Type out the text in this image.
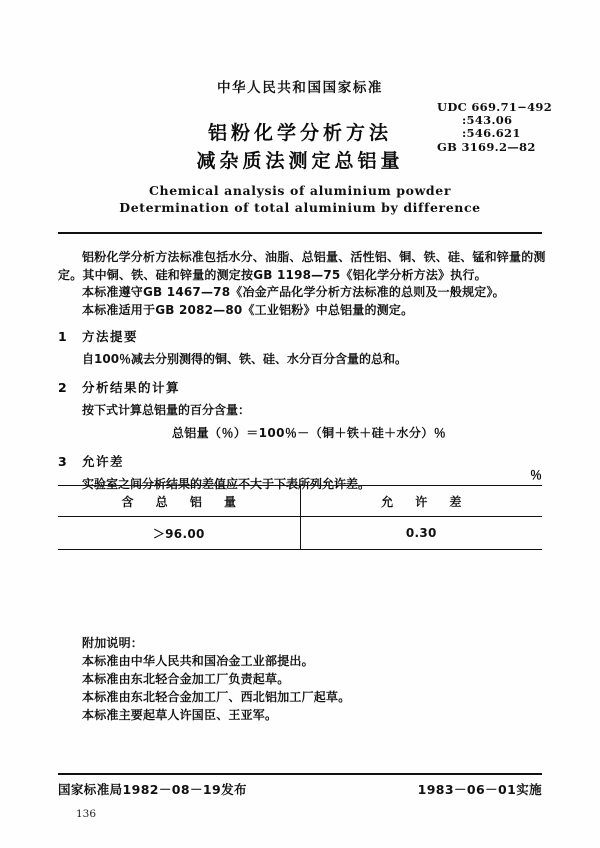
中华人民共和国国家标准
UDC 669.71−492
:543.06
:546.621
GB 3169.2—82
铝粉化学分析方法
减杂质法测定总铝量
Chemical analysis of aluminium powder
Determination of total aluminium by difference

铝粉化学分析方法标准包括水分、油脂、总铝量、活性铝、铜、铁、硅、锰和锌量的测定。其中铜、铁、硅和锌量的测定按GB 1198—75《铝化学分析方法》执行。

本标准遵守GB 1467—78《冶金产品化学分析方法标准的总则及一般规定》。

本标准适用于GB 2082—80《工业铝粉》中总铝量的测定。

1 方法提要
自100％减去分别测得的铜、铁、硅、水分百分含量的总和。
2 分析结果的计算
按下式计算总铝量的百分含量：
总铝量（％）＝100％－（铜＋铁＋硅＋水分）％
3 允许差
实验室之间分析结果的差值应不大于下表所列允许差。
％
含 总 铝 量	允 许 差
＞96.00	0.30
附加说明：
本标准由中华人民共和国冶金工业部提出。
本标准由东北轻合金加工厂负责起草。
本标准由东北轻合金加工厂、西北铝加工厂起草。
本标准主要起草人许国臣、王亚军。
国家标准局1982－08－19发布	1983－06－01实施
136
